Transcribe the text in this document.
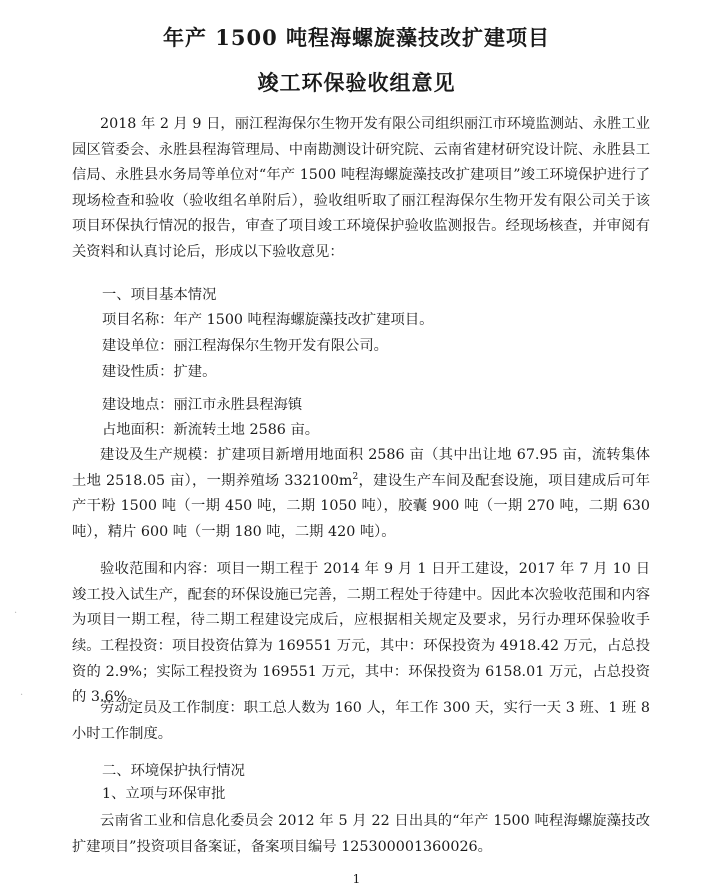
年产 1500 吨程海螺旋藻技改扩建项目
竣工环保验收组意见
2018 年 2 月 9 日，丽江程海保尔生物开发有限公司组织丽江市环境监测站、永胜工业园区管委会、永胜县程海管理局、中南勘测设计研究院、云南省建材研究设计院、永胜县工信局、永胜县水务局等单位对“年产 1500 吨程海螺旋藻技改扩建项目”竣工环境保护进行了现场检查和验收（验收组名单附后），验收组听取了丽江程海保尔生物开发有限公司关于该项目环保执行情况的报告，审查了项目竣工环境保护验收监测报告。经现场核查，并审阅有关资料和认真讨论后，形成以下验收意见：
一、项目基本情况
项目名称：年产 1500 吨程海螺旋藻技改扩建项目。
建设单位：丽江程海保尔生物开发有限公司。
建设性质：扩建。
建设地点：丽江市永胜县程海镇
占地面积：新流转土地 2586 亩。
建设及生产规模：扩建项目新增用地面积 2586 亩（其中出让地 67.95 亩，流转集体土地 2518.05 亩），一期养殖场 $332100m^2$，建设生产车间及配套设施，项目建成后可年产干粉 1500 吨（一期 450 吨，二期 1050 吨），胶囊 900 吨（一期 270 吨，二期 630 吨），精片 600 吨（一期 180 吨，二期 420 吨）。
验收范围和内容：项目一期工程于 2014 年 9 月 1 日开工建设，2017 年 7 月 10 日竣工投入试生产，配套的环保设施已完善，二期工程处于待建中。因此本次验收范围和内容为项目一期工程，待二期工程建设完成后，应根据相关规定及要求，另行办理环保验收手续。 工程投资：项目投资估算为 169551 万元，其中：环保投资为 4918.42 万元，占总投资的 2.9%；实际工程投资为 169551 万元，其中：环保投资为 6158.01 万元，占总投资的 3.6%。
劳动定员及工作制度：职工总人数为 160 人，年工作 300 天，实行一天 3 班、1 班 8 小时工作制度。
二、环境保护执行情况
1、立项与环保审批
云南省工业和信息化委员会 2012 年 5 月 22 日出具的“年产 1500 吨程海螺旋藻技改扩建项目”投资项目备案证，备案项目编号 125300001360026。
1
·
·
